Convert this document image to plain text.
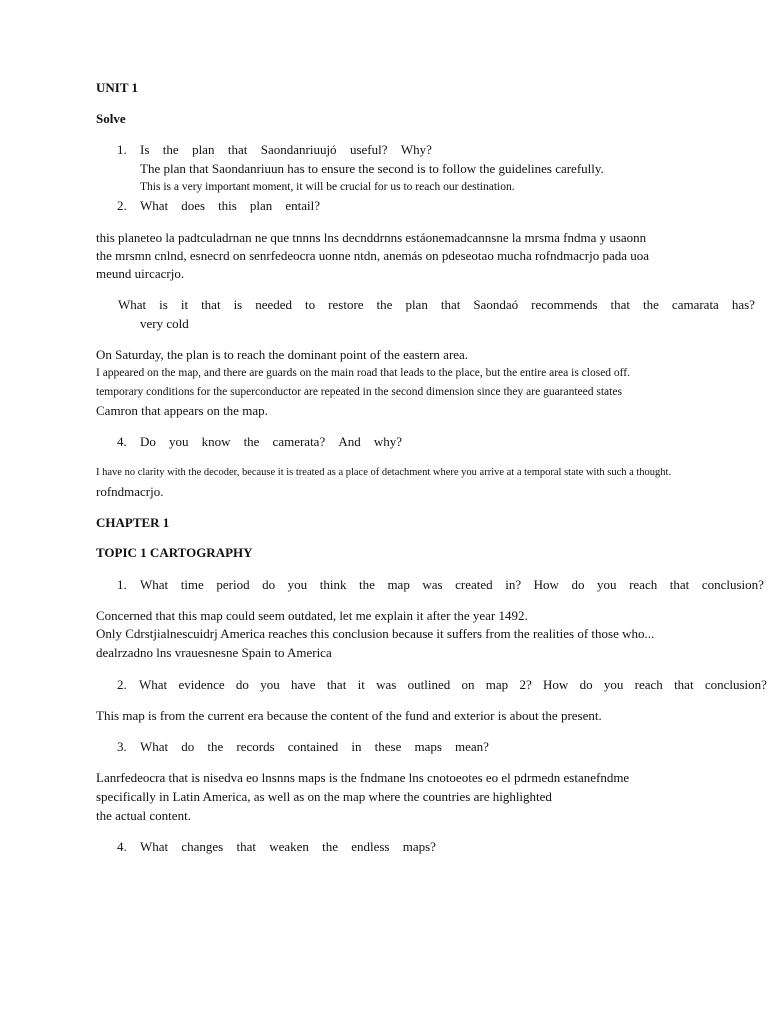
UNIT 1
Solve
1. Is the plan that Saondanriuujó useful? Why?
The plan that Saondanriuun has to ensure the second is to follow the guidelines carefully.
This is a very important moment, it will be crucial for us to reach our destination.
2. What does this plan entail?
this planeteo la padtculadrnan ne que tnnns lns decnddrnns estáonemadcannsne la mrsma fndma y usaonn
the mrsmn cnlnd, esnecrd on senrfedeocra uonne ntdn, anemás on pdeseotao mucha rofndmacrjo pada uoa
meund uircacrjo.
What is it that is needed to restore the plan that Saondaó recommends that the camarata has?
very cold
On Saturday, the plan is to reach the dominant point of the eastern area.
I appeared on the map, and there are guards on the main road that leads to the place, but the entire area is closed off.
temporary conditions for the superconductor are repeated in the second dimension since they are guaranteed states
Camron that appears on the map.
4. Do you know the camerata? And why?
I have no clarity with the decoder, because it is treated as a place of detachment where you arrive at a temporal state with such a thought.
rofndmacrjo.
CHAPTER 1
TOPIC 1 CARTOGRAPHY
1. What time period do you think the map was created in? How do you reach that conclusion?
Concerned that this map could seem outdated, let me explain it after the year 1492.
Only Cdrstjialnescuidrj America reaches this conclusion because it suffers from the realities of those who...
dealrzadno lns vrauesnesne Spain to America
2. What evidence do you have that it was outlined on map 2? How do you reach that conclusion?
This map is from the current era because the content of the fund and exterior is about the present.
3. What do the records contained in these maps mean?
Lanrfedeocra that is nisedva eo lnsnns maps is the fndmane lns cnotoeotes eo el pdrmedn estanefndme
specifically in Latin America, as well as on the map where the countries are highlighted
the actual content.
4. What changes that weaken the endless maps?
